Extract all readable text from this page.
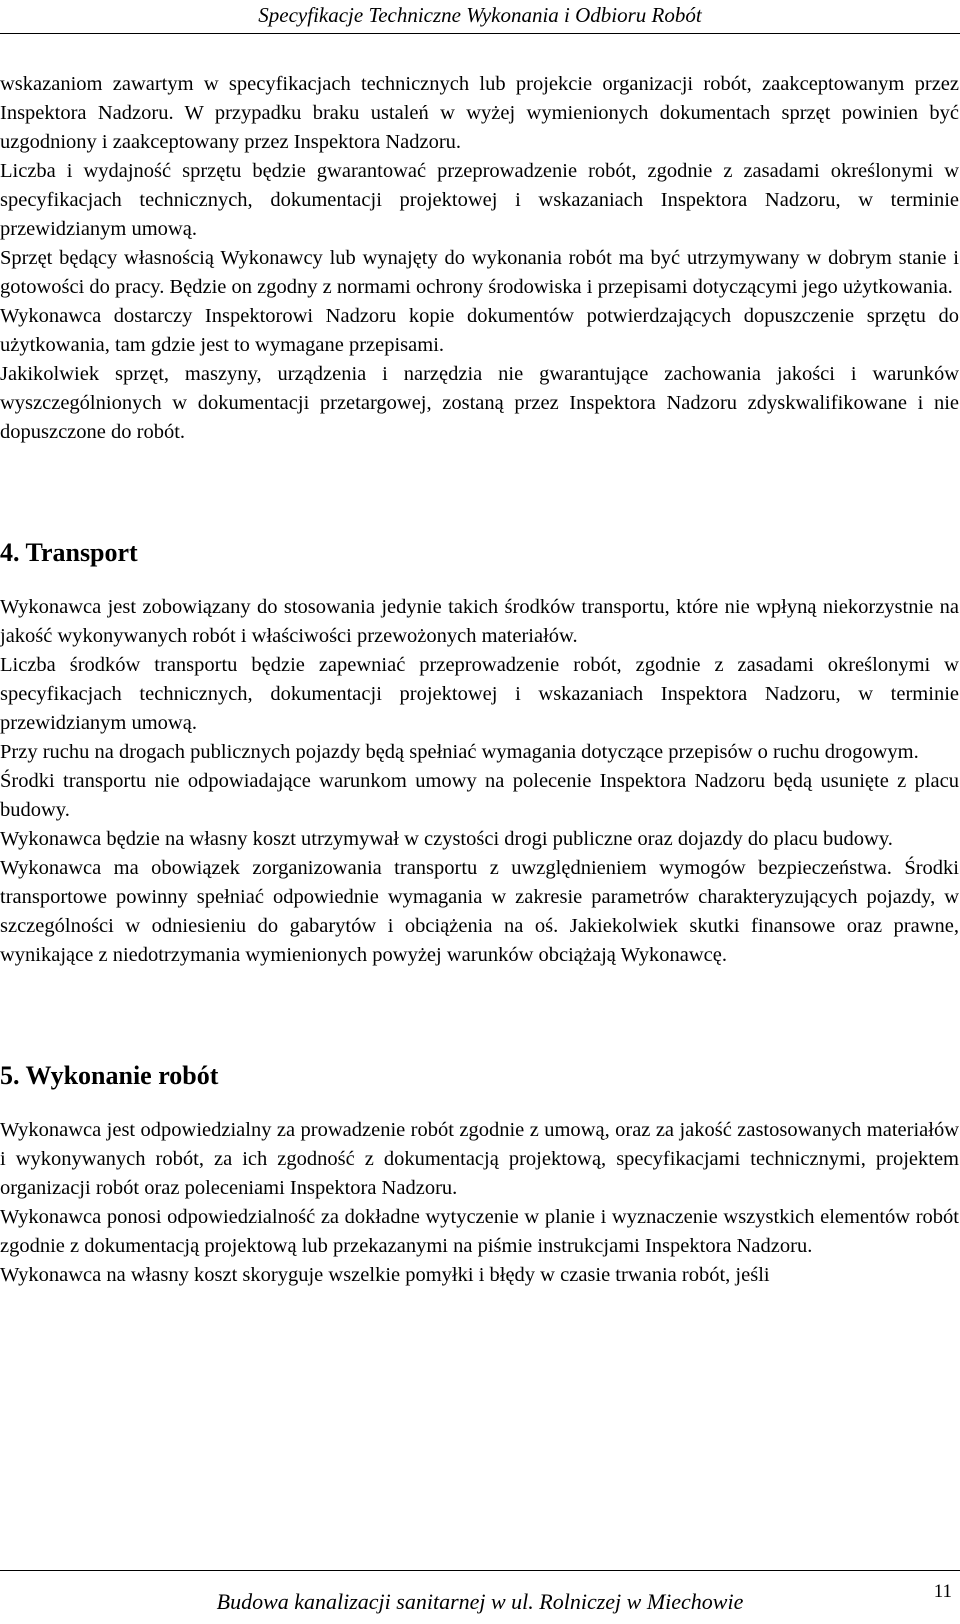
Specyfikacje Techniczne Wykonania i Odbioru Robót

wskazaniom zawartym w specyfikacjach technicznych lub projekcie organizacji robót, zaakceptowanym przez Inspektora Nadzoru. W przypadku braku ustaleń w wyżej wymienionych dokumentach sprzęt powinien być uzgodniony i zaakceptowany przez Inspektora Nadzoru.

Liczba i wydajność sprzętu będzie gwarantować przeprowadzenie robót, zgodnie z zasadami określonymi w specyfikacjach technicznych, dokumentacji projektowej i wskazaniach Inspektora Nadzoru, w terminie przewidzianym umową.

Sprzęt będący własnością Wykonawcy lub wynajęty do wykonania robót ma być utrzymywany w dobrym stanie i gotowości do pracy. Będzie on zgodny z normami ochrony środowiska i przepisami dotyczącymi jego użytkowania.

Wykonawca dostarczy Inspektorowi Nadzoru kopie dokumentów potwierdzających dopuszczenie sprzętu do użytkowania, tam gdzie jest to wymagane przepisami.

Jakikolwiek sprzęt, maszyny, urządzenia i narzędzia nie gwarantujące zachowania jakości i warunków wyszczególnionych w dokumentacji przetargowej, zostaną przez Inspektora Nadzoru zdyskwalifikowane i nie dopuszczone do robót.

4. Transport

Wykonawca jest zobowiązany do stosowania jedynie takich środków transportu, które nie wpłyną niekorzystnie na jakość wykonywanych robót i właściwości przewożonych materiałów.

Liczba środków transportu będzie zapewniać przeprowadzenie robót, zgodnie z zasadami określonymi w specyfikacjach technicznych, dokumentacji projektowej i wskazaniach Inspektora Nadzoru, w terminie przewidzianym umową.

Przy ruchu na drogach publicznych pojazdy będą spełniać wymagania dotyczące przepisów o ruchu drogowym.

Środki transportu nie odpowiadające warunkom umowy na polecenie Inspektora Nadzoru będą usunięte z placu budowy.

Wykonawca będzie na własny koszt utrzymywał w czystości drogi publiczne oraz dojazdy do placu budowy.

Wykonawca ma obowiązek zorganizowania transportu z uwzględnieniem wymogów bezpieczeństwa. Środki transportowe powinny spełniać odpowiednie wymagania w zakresie parametrów charakteryzujących pojazdy, w szczególności w odniesieniu do gabarytów i obciążenia na oś. Jakiekolwiek skutki finansowe oraz prawne, wynikające z niedotrzymania wymienionych powyżej warunków obciążają Wykonawcę.

5. Wykonanie robót

Wykonawca jest odpowiedzialny za prowadzenie robót zgodnie z umową, oraz za jakość zastosowanych materiałów i wykonywanych robót, za ich zgodność z dokumentacją projektową, specyfikacjami technicznymi, projektem organizacji robót oraz poleceniami Inspektora Nadzoru.

Wykonawca ponosi odpowiedzialność za dokładne wytyczenie w planie i wyznaczenie wszystkich elementów robót zgodnie z dokumentacją projektową lub przekazanymi na piśmie instrukcjami Inspektora Nadzoru.

Wykonawca na własny koszt skoryguje wszelkie pomyłki i błędy w czasie trwania robót, jeśli

Budowa kanalizacji sanitarnej w ul. Rolniczej w Miechowie	11
